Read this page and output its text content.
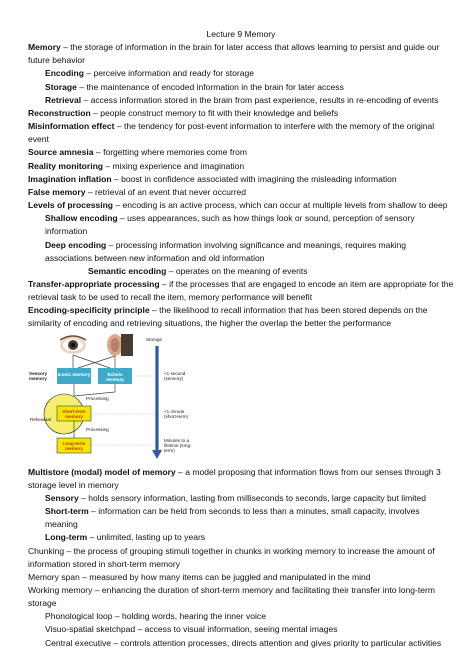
Lecture 9 Memory
Memory – the storage of information in the brain for later access that allows learning to persist and guide our future behavior
Encoding – perceive information and ready for storage
Storage – the maintenance of encoded information in the brain for later access
Retrieval – access information stored in the brain from past experience, results in re-encoding of events
Reconstruction – people construct memory to fit with their knowledge and beliefs
Misinformation effect – the tendency for post-event information to interfere with the memory of the original event
Source amnesia – forgetting where memories come from
Reality monitoring – mixing experience and imagination
Imagination inflation – boost in confidence associated with imagining the misleading information
False memory – retrieval of an event that never occurred
Levels of processing – encoding is an active process, which can occur at multiple levels from shallow to deep
Shallow encoding – uses appearances, such as how things look or sound, perception of sensory information
Deep encoding – processing information involving significance and meanings, requires making associations between new information and old information
Semantic encoding – operates on the meaning of events
Transfer-appropriate processing – if the processes that are engaged to encode an item are appropriate for the retrieval task to be used to recall the item, memory performance will benefit
Encoding-specificity principle – the likelihood to recall information that has been stored depends on the similarity of encoding and retrieving situations, the higher the overlap the better the performance
Sensory memory
Iconic memory	Echoic memory
Processing
Rehearsal
Short-term memory
Processing
Long-term memory
Storage
<1 second (sensory)
<1 minute (short-term)
Minutes to a lifetime (long-term)
Multistore (modal) model of memory – a model proposing that information flows from our senses through 3 storage level in memory
Sensory – holds sensory information, lasting from milliseconds to seconds, large capacity but limited
Short-term – information can be held from seconds to less than a minutes, small capacity, involves meaning
Long-term – unlimited, lasting up to years
Chunking – the process of grouping stimuli together in chunks in working memory to increase the amount of information stored in short-term memory
Memory span – measured by how many items can be juggled and manipulated in the mind
Working memory – enhancing the duration of short-term memory and facilitating their transfer into long-term storage
Phonological loop – holding words, hearing the inner voice
Visuo-spatial sketchpad – access to visual information, seeing mental images
Central executive – controls attention processes, directs attention and gives priority to particular activities
